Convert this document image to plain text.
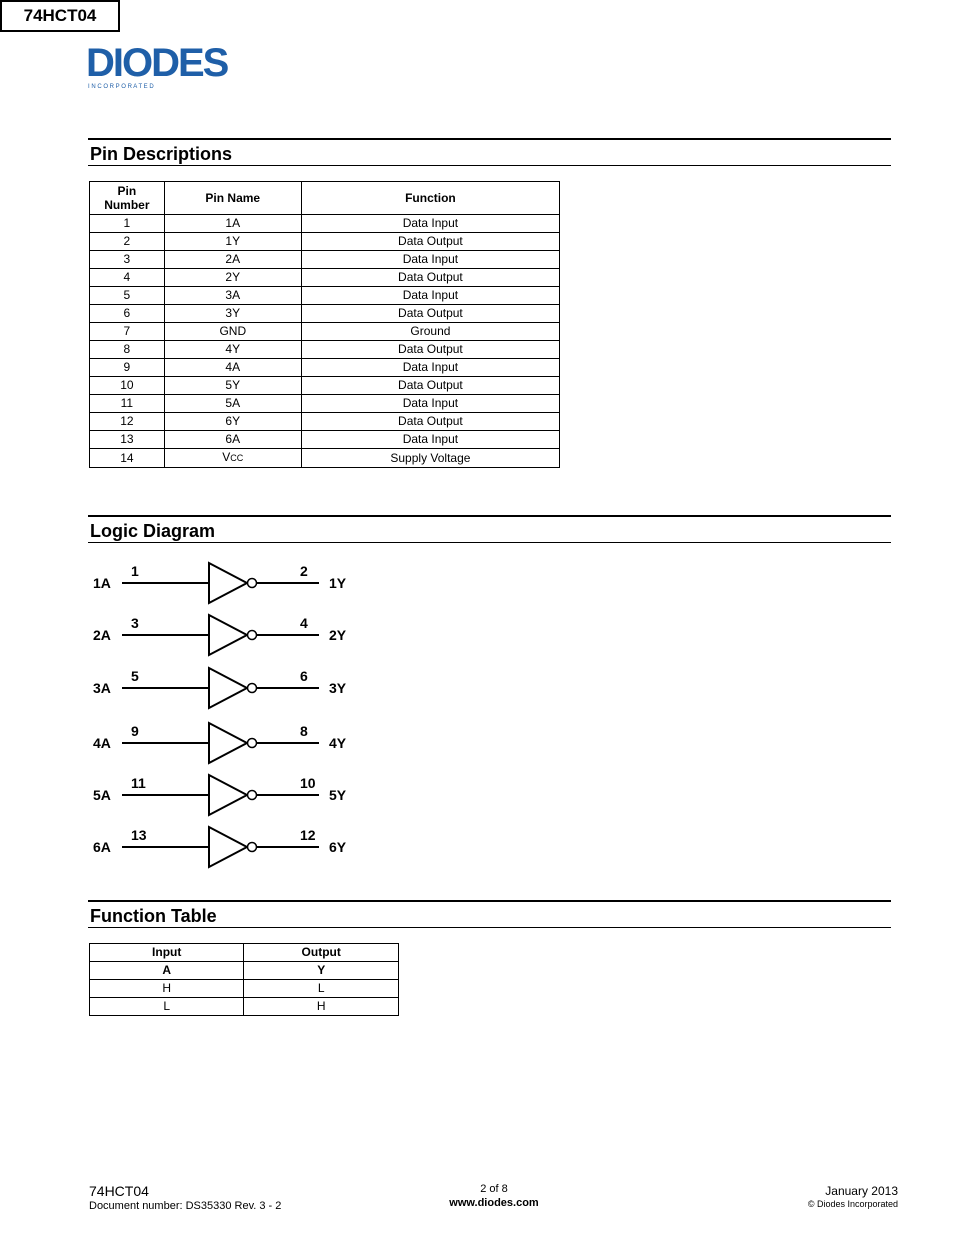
DIODES
I N C O R P O R A T E D
74HCT04
Pin Descriptions
Pin
Number	Pin Name	Function
1	1A	Data Input
2	1Y	Data Output
3	2A	Data Input
4	2Y	Data Output
5	3A	Data Input
6	3Y	Data Output
7	GND	Ground
8	4Y	Data Output
9	4A	Data Input
10	5Y	Data Output
11	5A	Data Input
12	6Y	Data Output
13	6A	Data Input
14	VCC	Supply Voltage
Logic Diagram
1A
1	2
1Y
2A
3	4
2Y
3A
5	6
3Y
4A
9	8
4Y
5A
11	10
5Y
6A
13	12
6Y
Function Table
Input	Output
A	Y
H	L
L	H
74HCT04
Document number: DS35330 Rev. 3 - 2
2 of 8
www.diodes.com
January 2013
© Diodes Incorporated
